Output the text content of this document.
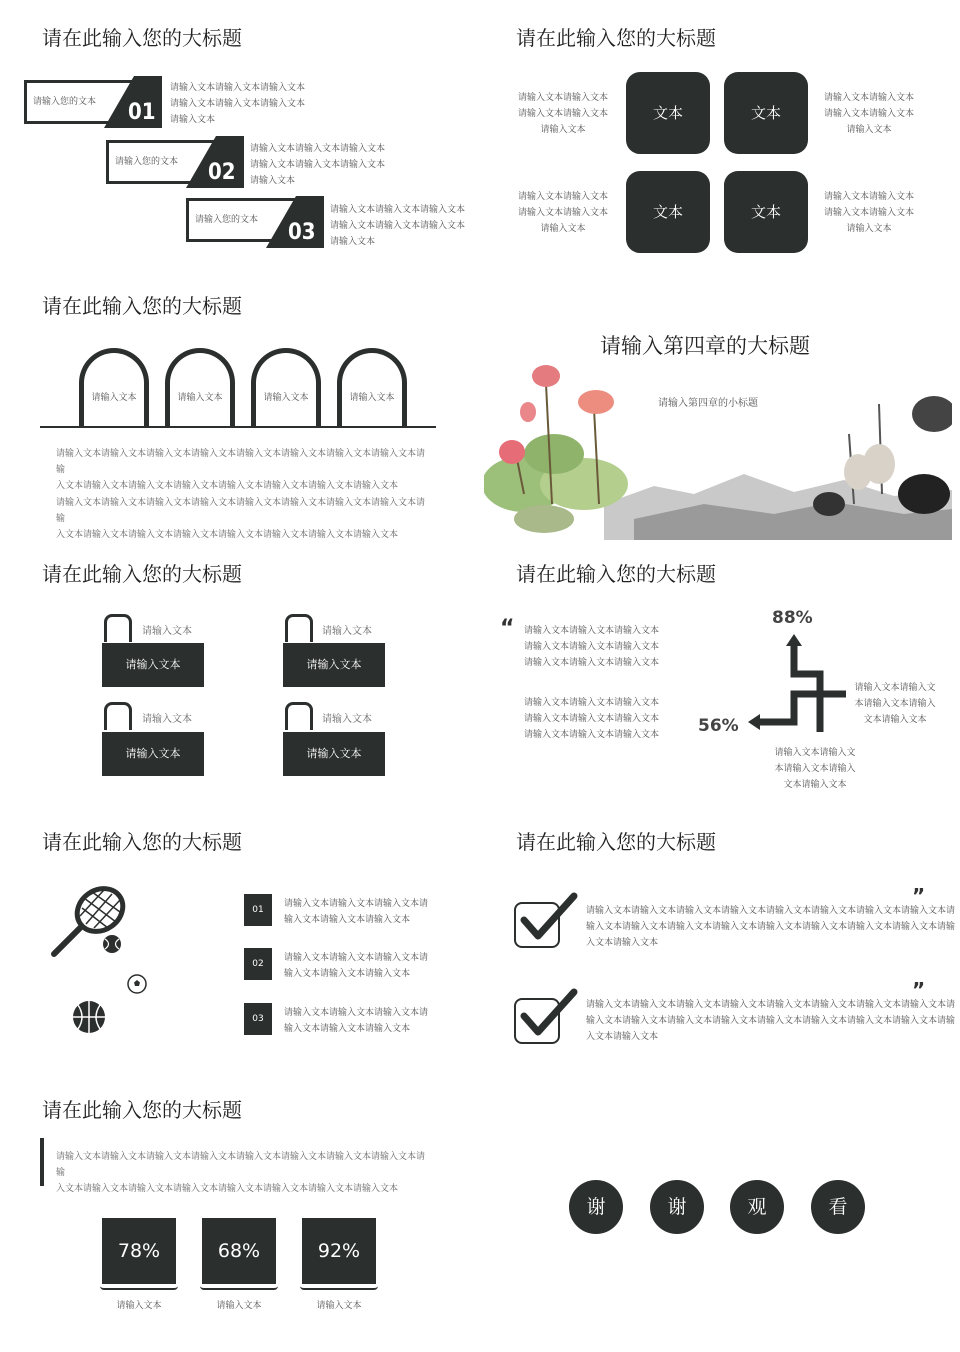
请在此输入您的大标题
请输入您的文本	01
请输入文本请输入文本请输入文本
请输入文本请输入文本请输入文本
请输入文本
请输入您的文本	02
请输入文本请输入文本请输入文本
请输入文本请输入文本请输入文本
请输入文本
请输入您的文本	03
请输入文本请输入文本请输入文本
请输入文本请输入文本请输入文本
请输入文本
请在此输入您的大标题
请输入文本请输入文本
请输入文本请输入文本
请输入文本
请输入文本请输入文本
请输入文本请输入文本
请输入文本
请输入文本请输入文本
请输入文本请输入文本
请输入文本
请输入文本请输入文本
请输入文本请输入文本
请输入文本
文本	文本
文本	文本
请在此输入您的大标题
请输入文本	请输入文本	请输入文本	请输入文本
请输入文本请输入文本请输入文本请输入文本请输入文本请输入文本请输入文本请输入文本请输
入文本请输入文本请输入文本请输入文本请输入文本请输入文本请输入文本请输入文本
请输入文本请输入文本请输入文本请输入文本请输入文本请输入文本请输入文本请输入文本请输
入文本请输入文本请输入文本请输入文本请输入文本请输入文本请输入文本请输入文本
请输入第四章的大标题
请输入第四章的小标题
请在此输入您的大标题
请输入文本
请输入文本
请输入文本
请输入文本
请输入文本
请输入文本
请输入文本
请输入文本
请在此输入您的大标题
“ 请输入文本请输入文本请输入文本
请输入文本请输入文本请输入文本
请输入文本请输入文本请输入文本
请输入文本请输入文本请输入文本
请输入文本请输入文本请输入文本
请输入文本请输入文本请输入文本
88%
56%
请输入文本请输入文
本请输入文本请输入
文本请输入文本
请输入文本请输入文
本请输入文本请输入
文本请输入文本
请在此输入您的大标题
01
请输入文本请输入文本请输入文本请
输入文本请输入文本请输入文本
02
请输入文本请输入文本请输入文本请
输入文本请输入文本请输入文本
03
请输入文本请输入文本请输入文本请
输入文本请输入文本请输入文本
请在此输入您的大标题
请输入文本请输入文本请输入文本请输入文本请输入文本请输入文本请输入文本请输入文本请
输入文本请输入文本请输入文本请输入文本请输入文本请输入文本请输入文本请输入文本请输
入文本请输入文本
”
请输入文本请输入文本请输入文本请输入文本请输入文本请输入文本请输入文本请输入文本请
输入文本请输入文本请输入文本请输入文本请输入文本请输入文本请输入文本请输入文本请输
入文本请输入文本
”
请在此输入您的大标题
请输入文本请输入文本请输入文本请输入文本请输入文本请输入文本请输入文本请输入文本请输
入文本请输入文本请输入文本请输入文本请输入文本请输入文本请输入文本请输入文本
78%
请输入文本
68%
请输入文本
92%
请输入文本
谢	谢	观	看
